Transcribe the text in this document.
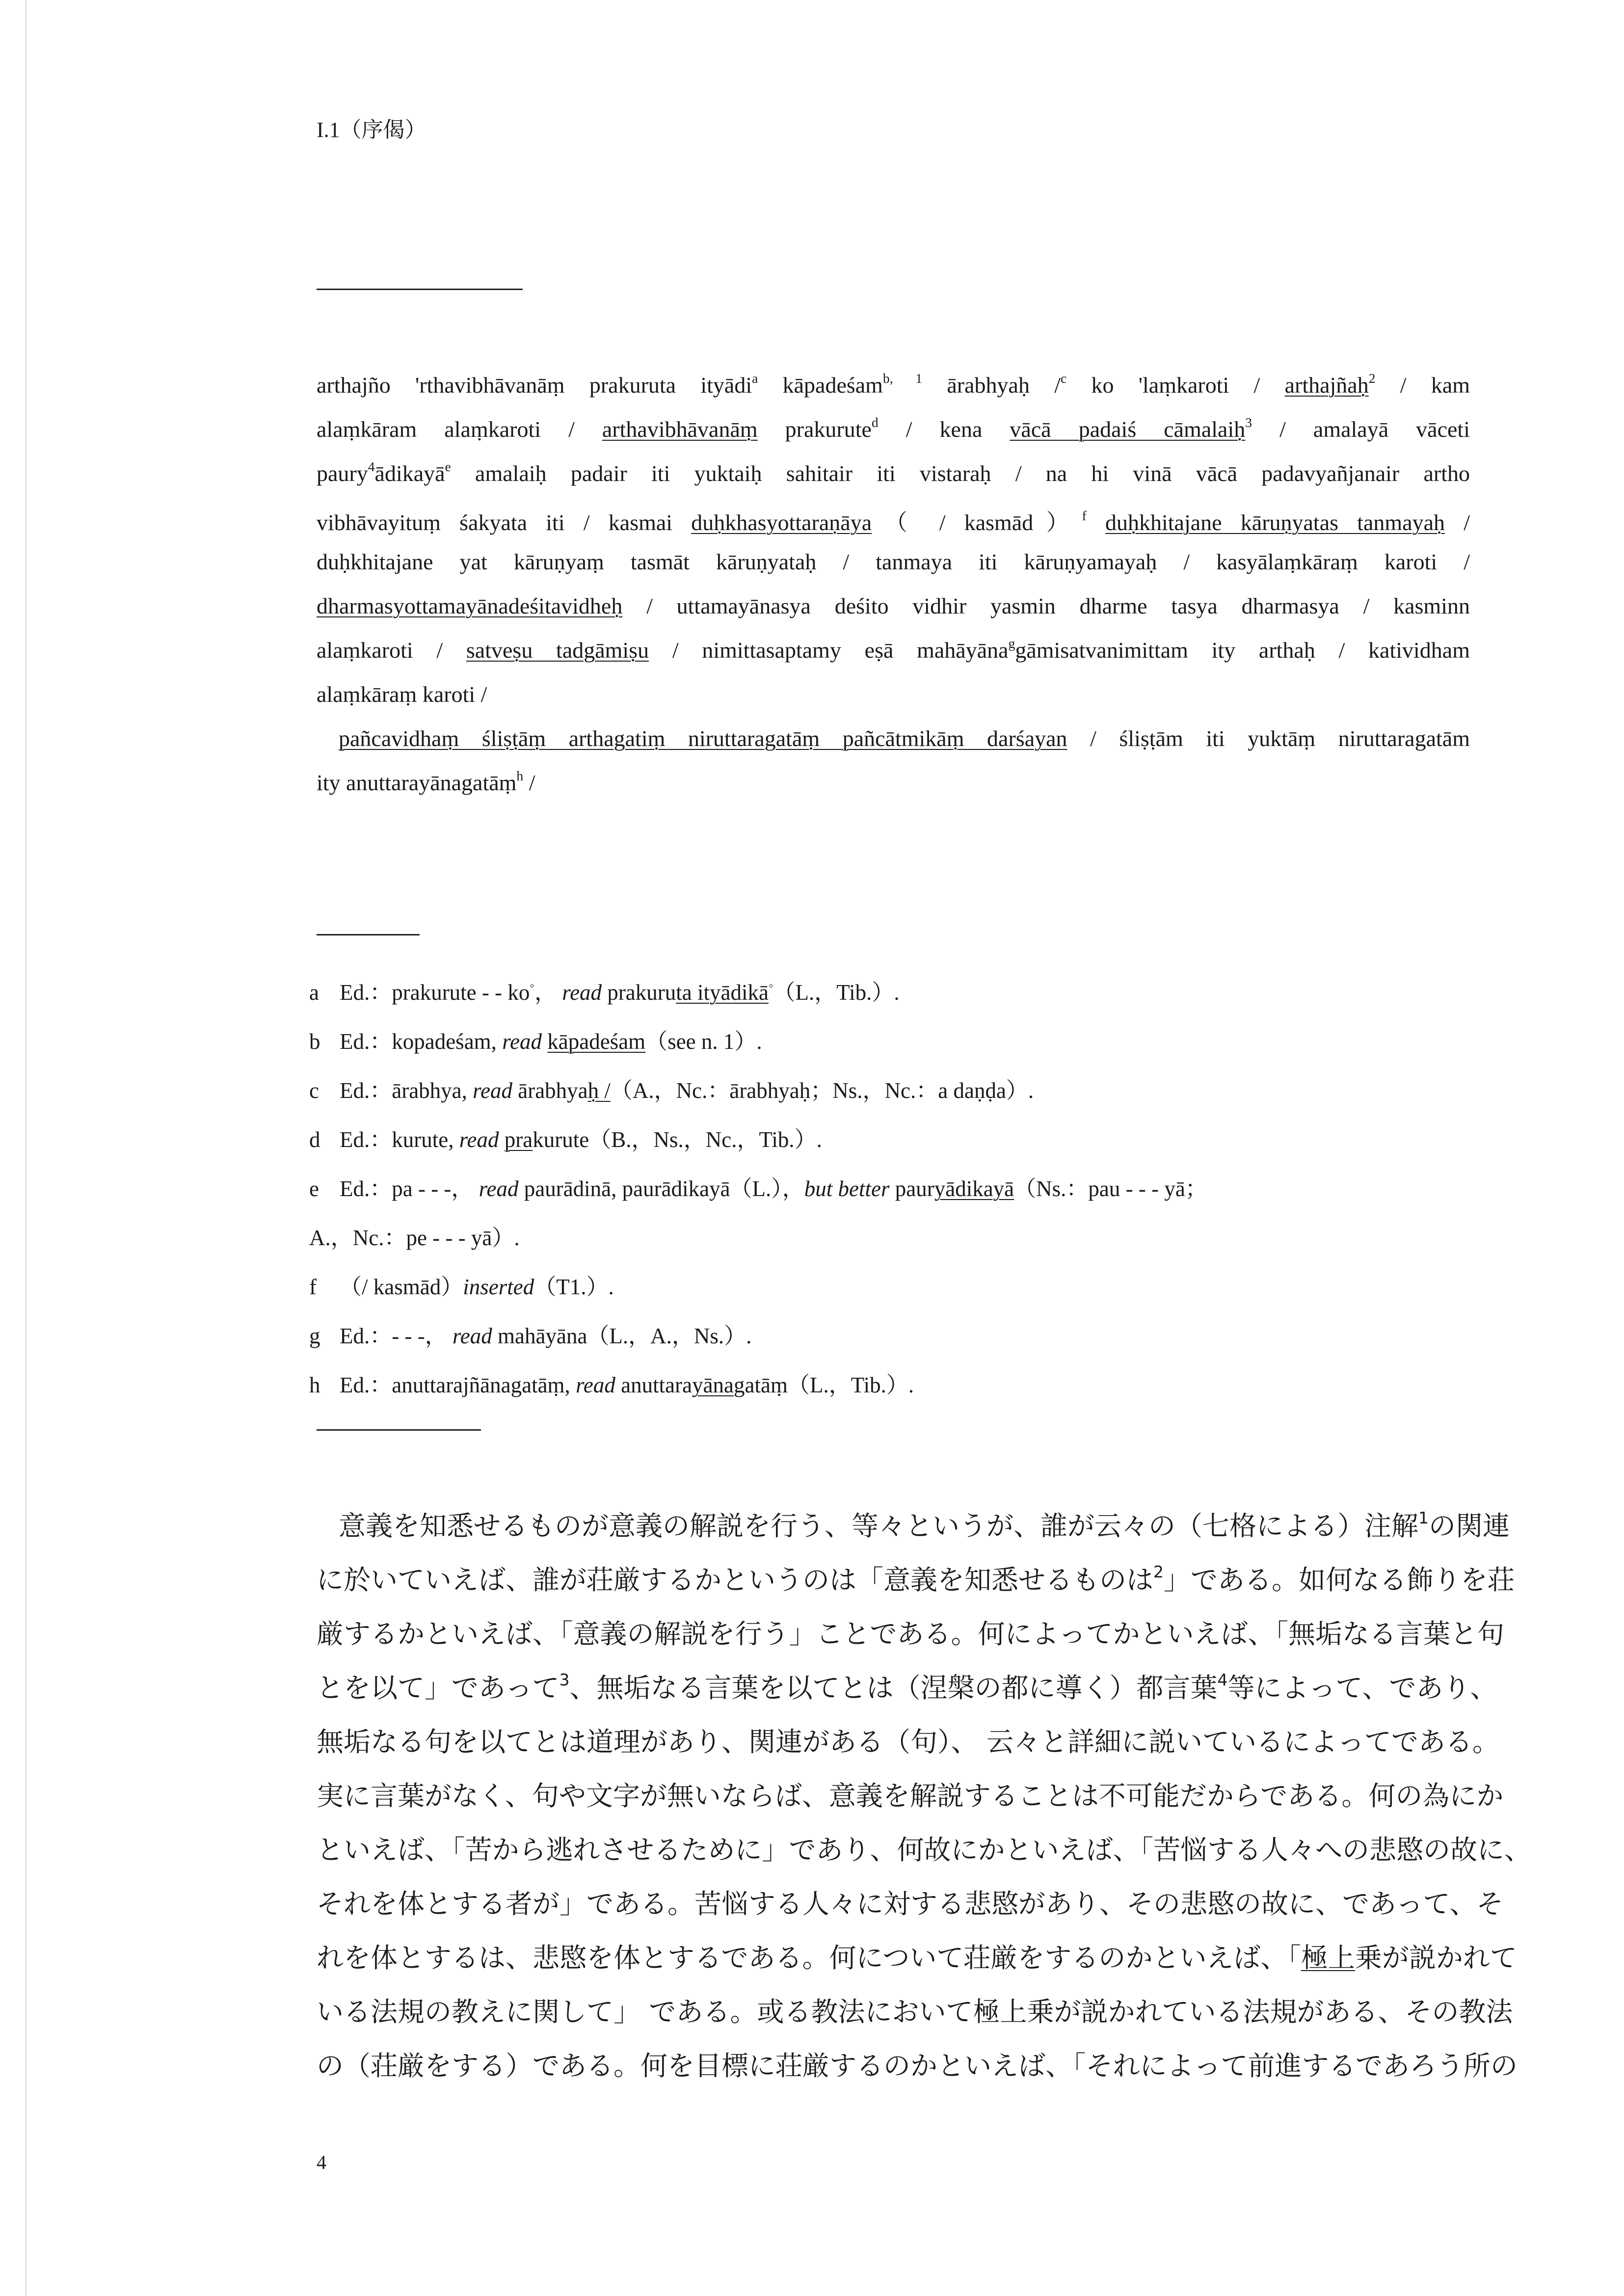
I.1（序偈）
arthajño 'rthavibhāvanāṃ prakuruta ityādi$^a$ kāpadeśam$^{b, 1}$ ārabhyaḥ /$^c$ ko 'laṃkaroti / arthajñaḥ$^2$ / kam
alaṃkāram alaṃkaroti / arthavibhāvanāṃ prakurute$^d$ / kena vācā padaiś cāmalaiḥ$^3$ / amalayā vāceti
paury$^4$ādikayā$^e$ amalaiḥ padair iti yuktaiḥ sahitair iti vistaraḥ / na hi vinā vācā padavyañjanair artho
vibhāvayituṃ śakyata iti / kasmai duḥkhasyottaraṇāya（ / kasmād）$^f$ duḥkhitajane kāruṇyatas tanmayaḥ /
duḥkhitajane yat kāruṇyaṃ tasmāt kāruṇyataḥ / tanmaya iti kāruṇyamayaḥ / kasyālaṃkāraṃ karoti /
dharmasyottamayānadeśitavidheḥ / uttamayānasya deśito vidhir yasmin dharme tasya dharmasya / kasminn
alaṃkaroti / satveṣu tadgāmiṣu / nimittasaptamy eṣā mahāyāna$^g$gāmisatvanimittam ity arthaḥ / katividham
alaṃkāraṃ karoti /
pañcavidhaṃ śliṣṭāṃ arthagatiṃ niruttaragatāṃ pañcātmikāṃ darśayan / śliṣṭām iti yuktāṃ niruttaragatām
ity anuttarayānagatāṃ$^h$ /
a Ed.：prakurute - - ko◦， read prakuruta ityādikā◦（L.，Tib.）.
b Ed.：kopadeśam, read kāpadeśam（see n. 1）.
c Ed.：ārabhya, read ārabhyaḥ /（A.，Nc.：ārabhyaḥ；Ns.，Nc.：a daṇḍa）.
d Ed.：kurute, read prakurute（B.，Ns.，Nc.，Tib.）.
e Ed.：pa - - -， read paurādinā, paurādikayā（L.），but better pauryādikayā（Ns.：pau - - - yā；
A.，Nc.：pe - - - yā）.
f （/ kasmād）inserted（T1.）.
g Ed.：- - -， read mahāyāna（L.，A.，Ns.）.
h Ed.：anuttarajñānagatāṃ, read anuttarayānagatāṃ（L.，Tib.）.
意義を知悉せるものが意義の解説を行う、等々というが、誰が云々の（七格による）注解$^1$の関連
に於いていえば、誰が荘厳するかというのは「意義を知悉せるものは$^2$」である。如何なる飾りを荘
厳するかといえば、「意義の解説を行う」ことである。何によってかといえば、「無垢なる言葉と句
とを以て」であって$^3$、無垢なる言葉を以てとは（涅槃の都に導く）都言葉$^4$等によって、であり、
無垢なる句を以てとは道理があり、関連がある（句）、 云々と詳細に説いているによってである。
実に言葉がなく、句や文字が無いならば、意義を解説することは不可能だからである。何の為にか
といえば、「苦から逃れさせるために」であり、何故にかといえば、「苦悩する人々への悲愍の故に、
それを体とする者が」である。苦悩する人々に対する悲愍があり、その悲愍の故に、であって、そ
れを体とするは、悲愍を体とするである。何について荘厳をするのかといえば、「極上乗が説かれて
いる法規の教えに関して」 である。或る教法において極上乗が説かれている法規がある、その教法
の（荘厳をする）である。何を目標に荘厳するのかといえば、「それによって前進するであろう所の
4
